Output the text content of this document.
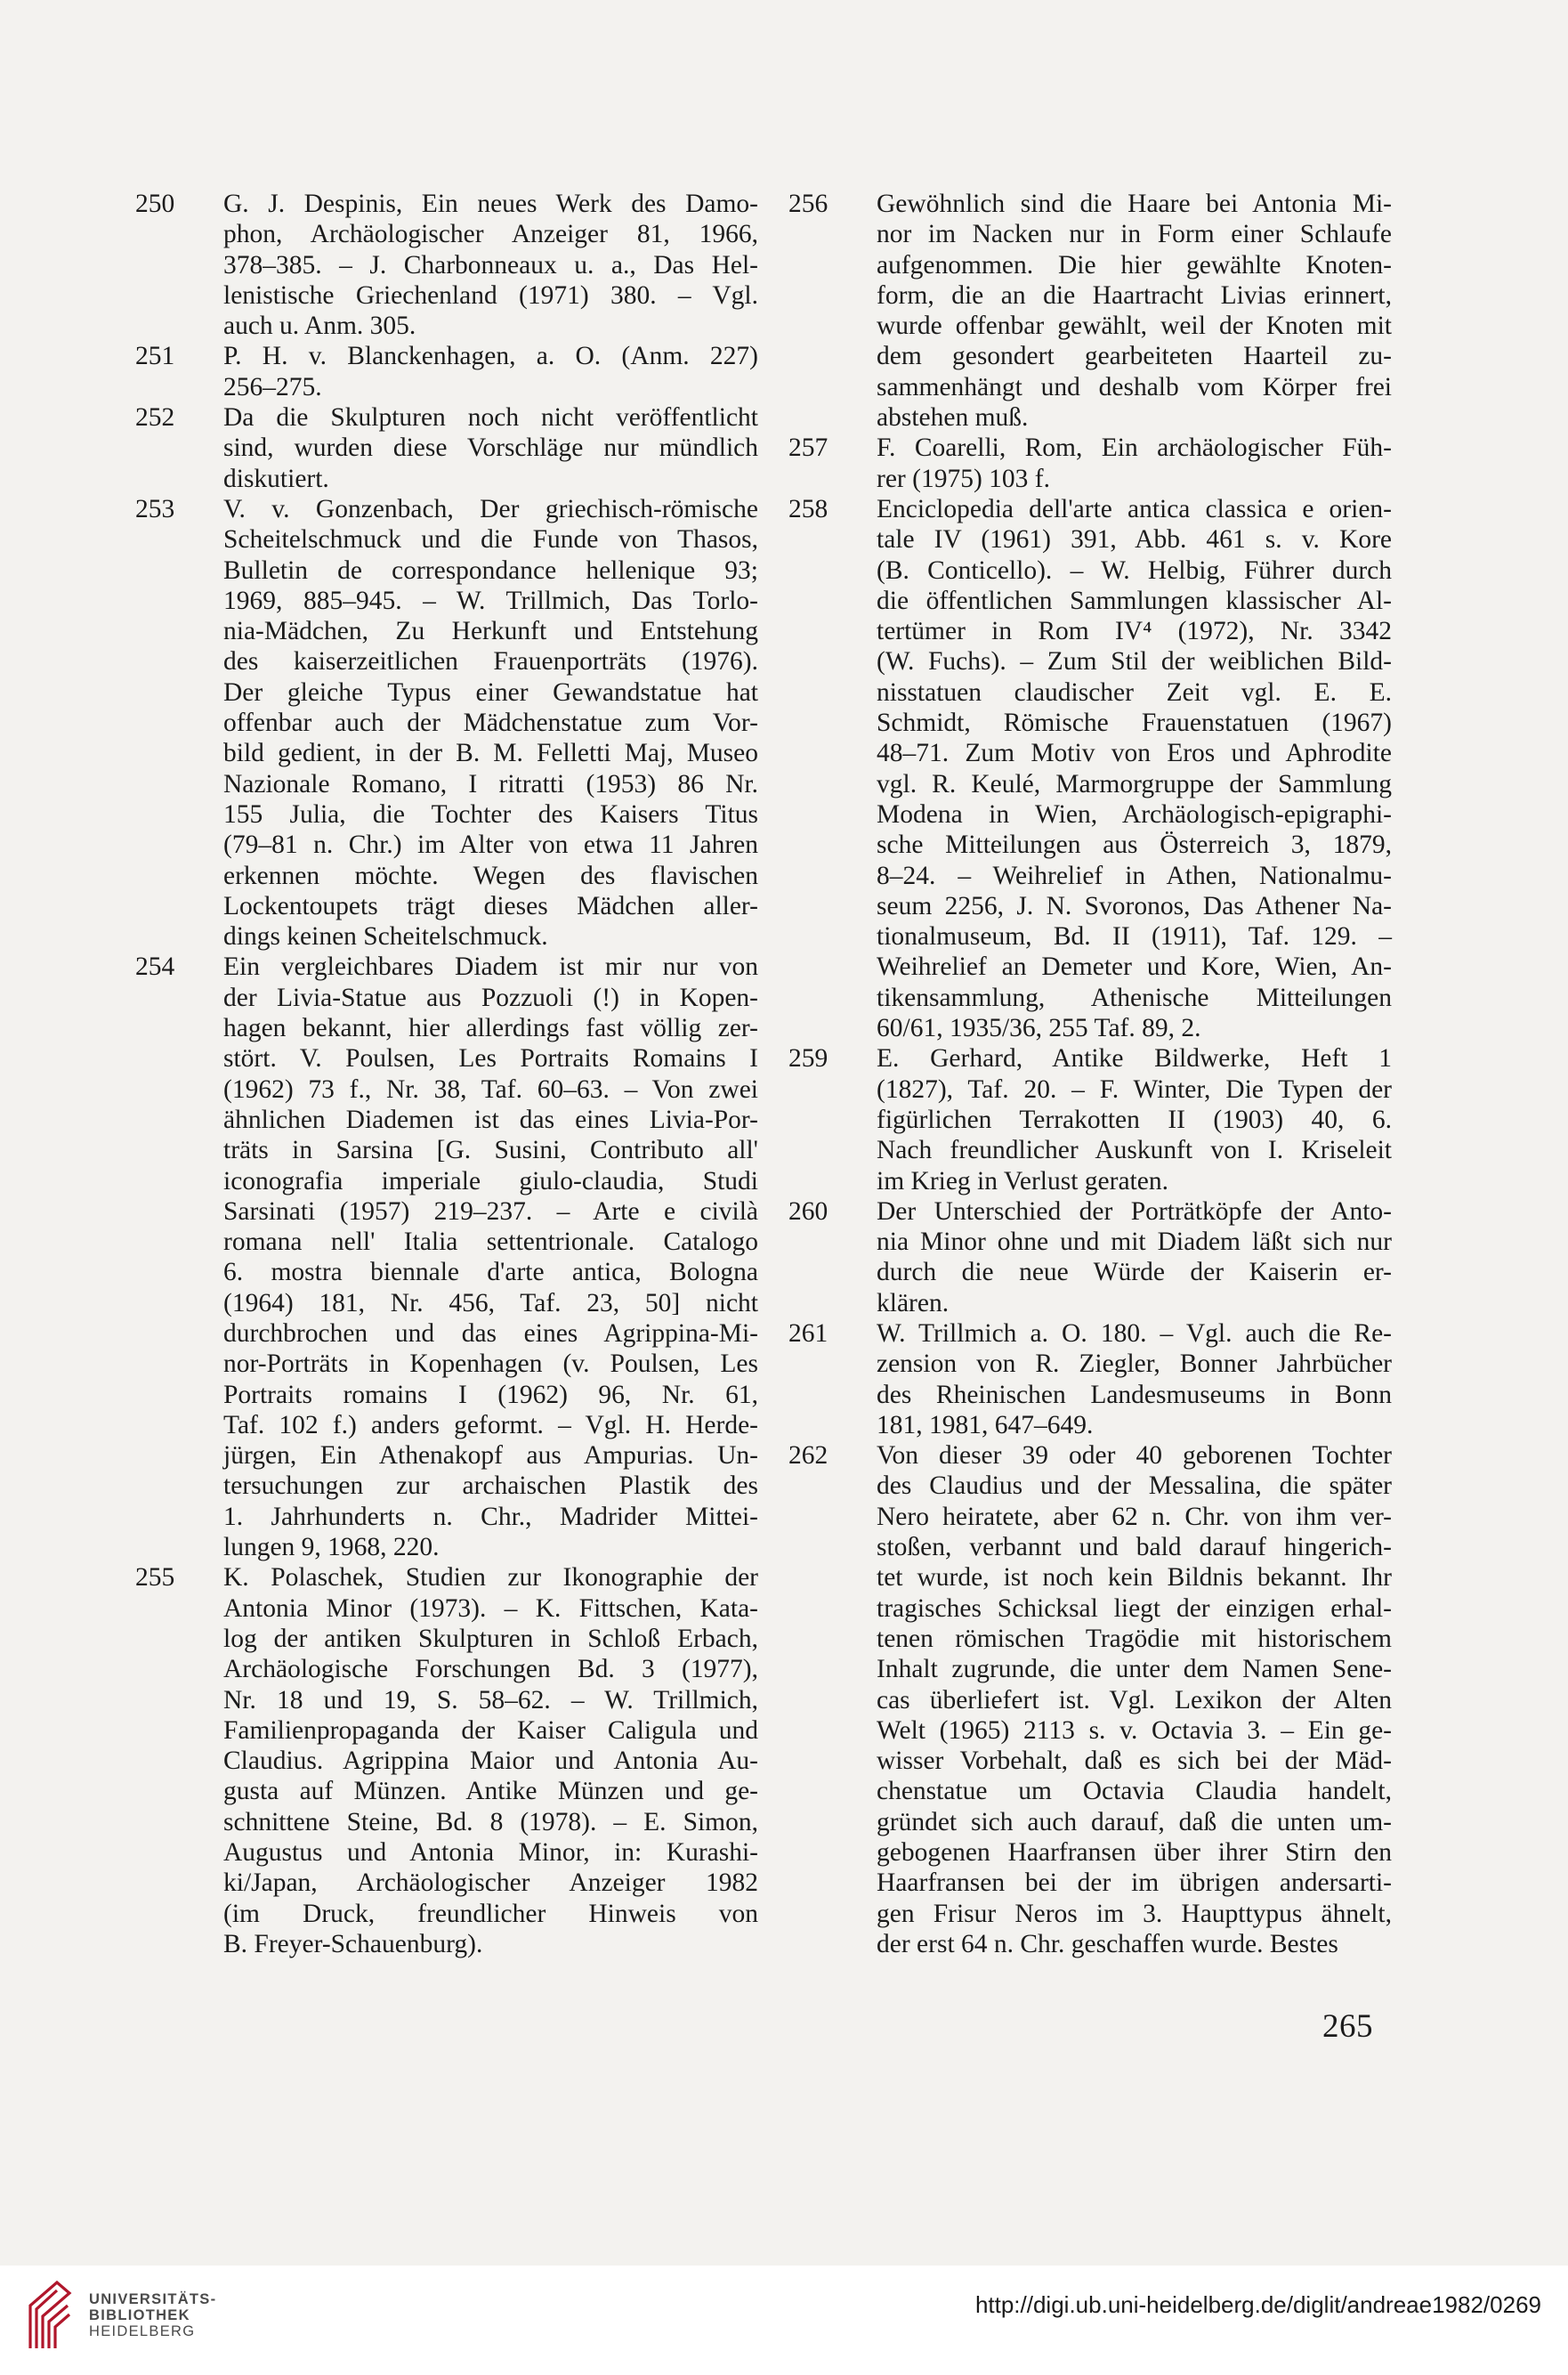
250	G. J. Despinis, Ein neues Werk des Damo-
phon, Archäologischer Anzeiger 81, 1966,
378–385. – J. Charbonneaux u. a., Das Hel-
lenistische Griechenland (1971) 380. – Vgl.
auch u. Anm. 305.
251	P. H. v. Blanckenhagen, a. O. (Anm. 227)
256–275.
252	Da die Skulpturen noch nicht veröffentlicht
sind, wurden diese Vorschläge nur mündlich
diskutiert.
253	V. v. Gonzenbach, Der griechisch-römische
Scheitelschmuck und die Funde von Thasos,
Bulletin de correspondance hellenique 93;
1969, 885–945. – W. Trillmich, Das Torlo-
nia-Mädchen, Zu Herkunft und Entstehung
des kaiserzeitlichen Frauenporträts (1976).
Der gleiche Typus einer Gewandstatue hat
offenbar auch der Mädchenstatue zum Vor-
bild gedient, in der B. M. Felletti Maj, Museo
Nazionale Romano, I ritratti (1953) 86 Nr.
155 Julia, die Tochter des Kaisers Titus
(79–81 n. Chr.) im Alter von etwa 11 Jahren
erkennen möchte. Wegen des flavischen
Lockentoupets trägt dieses Mädchen aller-
dings keinen Scheitelschmuck.
254	Ein vergleichbares Diadem ist mir nur von
der Livia-Statue aus Pozzuoli (!) in Kopen-
hagen bekannt, hier allerdings fast völlig zer-
stört. V. Poulsen, Les Portraits Romains I
(1962) 73 f., Nr. 38, Taf. 60–63. – Von zwei
ähnlichen Diademen ist das eines Livia-Por-
träts in Sarsina [G. Susini, Contributo all'
iconografia imperiale giulo-claudia, Studi
Sarsinati (1957) 219–237. – Arte e civilà
romana nell' Italia settentrionale. Catalogo
6. mostra biennale d'arte antica, Bologna
(1964) 181, Nr. 456, Taf. 23, 50] nicht
durchbrochen und das eines Agrippina-Mi-
nor-Porträts in Kopenhagen (v. Poulsen, Les
Portraits romains I (1962) 96, Nr. 61,
Taf. 102 f.) anders geformt. – Vgl. H. Herde-
jürgen, Ein Athenakopf aus Ampurias. Un-
tersuchungen zur archaischen Plastik des
1. Jahrhunderts n. Chr., Madrider Mittei-
lungen 9, 1968, 220.
255	K. Polaschek, Studien zur Ikonographie der
Antonia Minor (1973). – K. Fittschen, Kata-
log der antiken Skulpturen in Schloß Erbach,
Archäologische Forschungen Bd. 3 (1977),
Nr. 18 und 19, S. 58–62. – W. Trillmich,
Familienpropaganda der Kaiser Caligula und
Claudius. Agrippina Maior und Antonia Au-
gusta auf Münzen. Antike Münzen und ge-
schnittene Steine, Bd. 8 (1978). – E. Simon,
Augustus und Antonia Minor, in: Kurashi-
ki/Japan, Archäologischer Anzeiger 1982
(im Druck, freundlicher Hinweis von
B. Freyer-Schauenburg).
256	Gewöhnlich sind die Haare bei Antonia Mi-
nor im Nacken nur in Form einer Schlaufe
aufgenommen. Die hier gewählte Knoten-
form, die an die Haartracht Livias erinnert,
wurde offenbar gewählt, weil der Knoten mit
dem gesondert gearbeiteten Haarteil zu-
sammenhängt und deshalb vom Körper frei
abstehen muß.
257	F. Coarelli, Rom, Ein archäologischer Füh-
rer (1975) 103 f.
258	Enciclopedia dell'arte antica classica e orien-
tale IV (1961) 391, Abb. 461 s. v. Kore
(B. Conticello). – W. Helbig, Führer durch
die öffentlichen Sammlungen klassischer Al-
tertümer in Rom IV⁴ (1972), Nr. 3342
(W. Fuchs). – Zum Stil der weiblichen Bild-
nisstatuen claudischer Zeit vgl. E. E.
Schmidt, Römische Frauenstatuen (1967)
48–71. Zum Motiv von Eros und Aphrodite
vgl. R. Keulé, Marmorgruppe der Sammlung
Modena in Wien, Archäologisch-epigraphi-
sche Mitteilungen aus Österreich 3, 1879,
8–24. – Weihrelief in Athen, Nationalmu-
seum 2256, J. N. Svoronos, Das Athener Na-
tionalmuseum, Bd. II (1911), Taf. 129. –
Weihrelief an Demeter und Kore, Wien, An-
tikensammlung, Athenische Mitteilungen
60/61, 1935/36, 255 Taf. 89, 2.
259	E. Gerhard, Antike Bildwerke, Heft 1
(1827), Taf. 20. – F. Winter, Die Typen der
figürlichen Terrakotten II (1903) 40, 6.
Nach freundlicher Auskunft von I. Kriseleit
im Krieg in Verlust geraten.
260	Der Unterschied der Porträtköpfe der Anto-
nia Minor ohne und mit Diadem läßt sich nur
durch die neue Würde der Kaiserin er-
klären.
261	W. Trillmich a. O. 180. – Vgl. auch die Re-
zension von R. Ziegler, Bonner Jahrbücher
des Rheinischen Landesmuseums in Bonn
181, 1981, 647–649.
262	Von dieser 39 oder 40 geborenen Tochter
des Claudius und der Messalina, die später
Nero heiratete, aber 62 n. Chr. von ihm ver-
stoßen, verbannt und bald darauf hingerich-
tet wurde, ist noch kein Bildnis bekannt. Ihr
tragisches Schicksal liegt der einzigen erhal-
tenen römischen Tragödie mit historischem
Inhalt zugrunde, die unter dem Namen Sene-
cas überliefert ist. Vgl. Lexikon der Alten
Welt (1965) 2113 s. v. Octavia 3. – Ein ge-
wisser Vorbehalt, daß es sich bei der Mäd-
chenstatue um Octavia Claudia handelt,
gründet sich auch darauf, daß die unten um-
gebogenen Haarfransen über ihrer Stirn den
Haarfransen bei der im übrigen andersarti-
gen Frisur Neros im 3. Haupttypus ähnelt,
der erst 64 n. Chr. geschaffen wurde. Bestes
265
UNIVERSITÄTS-
BIBLIOTHEK
HEIDELBERG
http://digi.ub.uni-heidelberg.de/diglit/andreae1982/0269
